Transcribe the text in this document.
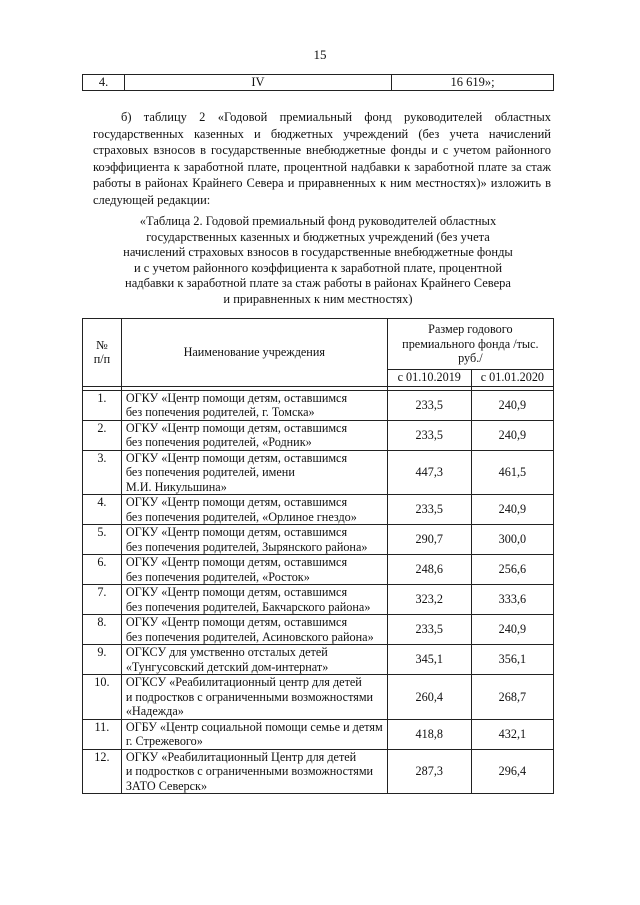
15
4.	IV	16 619»;
б) таблицу 2 «Годовой премиальный фонд руководителей областных государственных казенных и бюджетных учреждений (без учета начислений страховых взносов в государственные внебюджетные фонды и с учетом районного коэффициента к заработной плате, процентной надбавки к заработной плате за стаж работы в районах Крайнего Севера и приравненных к ним местностях)» изложить в следующей редакции:
«Таблица 2. Годовой премиальный фонд руководителей областных
государственных казенных и бюджетных учреждений (без учета
начислений страховых взносов в государственные внебюджетные фонды
и с учетом районного коэффициента к заработной плате, процентной
надбавки к заработной плате за стаж работы в районах Крайнего Севера
и приравненных к ним местностях)
№
п/п	Наименование учреждения	Размер годового премиального фонда /тыс. руб./	
		с 01.10.2019	с 01.01.2020

1.	ОГКУ «Центр помощи детям, оставшимся
без попечения родителей, г. Томска»	233,5	240,9
2.	ОГКУ «Центр помощи детям, оставшимся
без попечения родителей, «Родник»	233,5	240,9
3.	ОГКУ «Центр помощи детям, оставшимся
без попечения родителей, имени
М.И. Никульшина»	447,3	461,5
4.	ОГКУ «Центр помощи детям, оставшимся
без попечения родителей, «Орлиное гнездо»	233,5	240,9
5.	ОГКУ «Центр помощи детям, оставшимся
без попечения родителей, Зырянского района»	290,7	300,0
6.	ОГКУ «Центр помощи детям, оставшимся
без попечения родителей, «Росток»	248,6	256,6
7.	ОГКУ «Центр помощи детям, оставшимся
без попечения родителей, Бакчарского района»	323,2	333,6
8.	ОГКУ «Центр помощи детям, оставшимся
без попечения родителей, Асиновского района»	233,5	240,9
9.	ОГКСУ для умственно отсталых детей
«Тунгусовский детский дом-интернат»	345,1	356,1
10.	ОГКСУ «Реабилитационный центр для детей
и подростков с ограниченными возможностями
«Надежда»	260,4	268,7
11.	ОГБУ «Центр социальной помощи семье и детям
г. Стрежевого»	418,8	432,1
12.	ОГКУ «Реабилитационный Центр для детей
и подростков с ограниченными возможностями
ЗАТО Северск»	287,3	296,4
